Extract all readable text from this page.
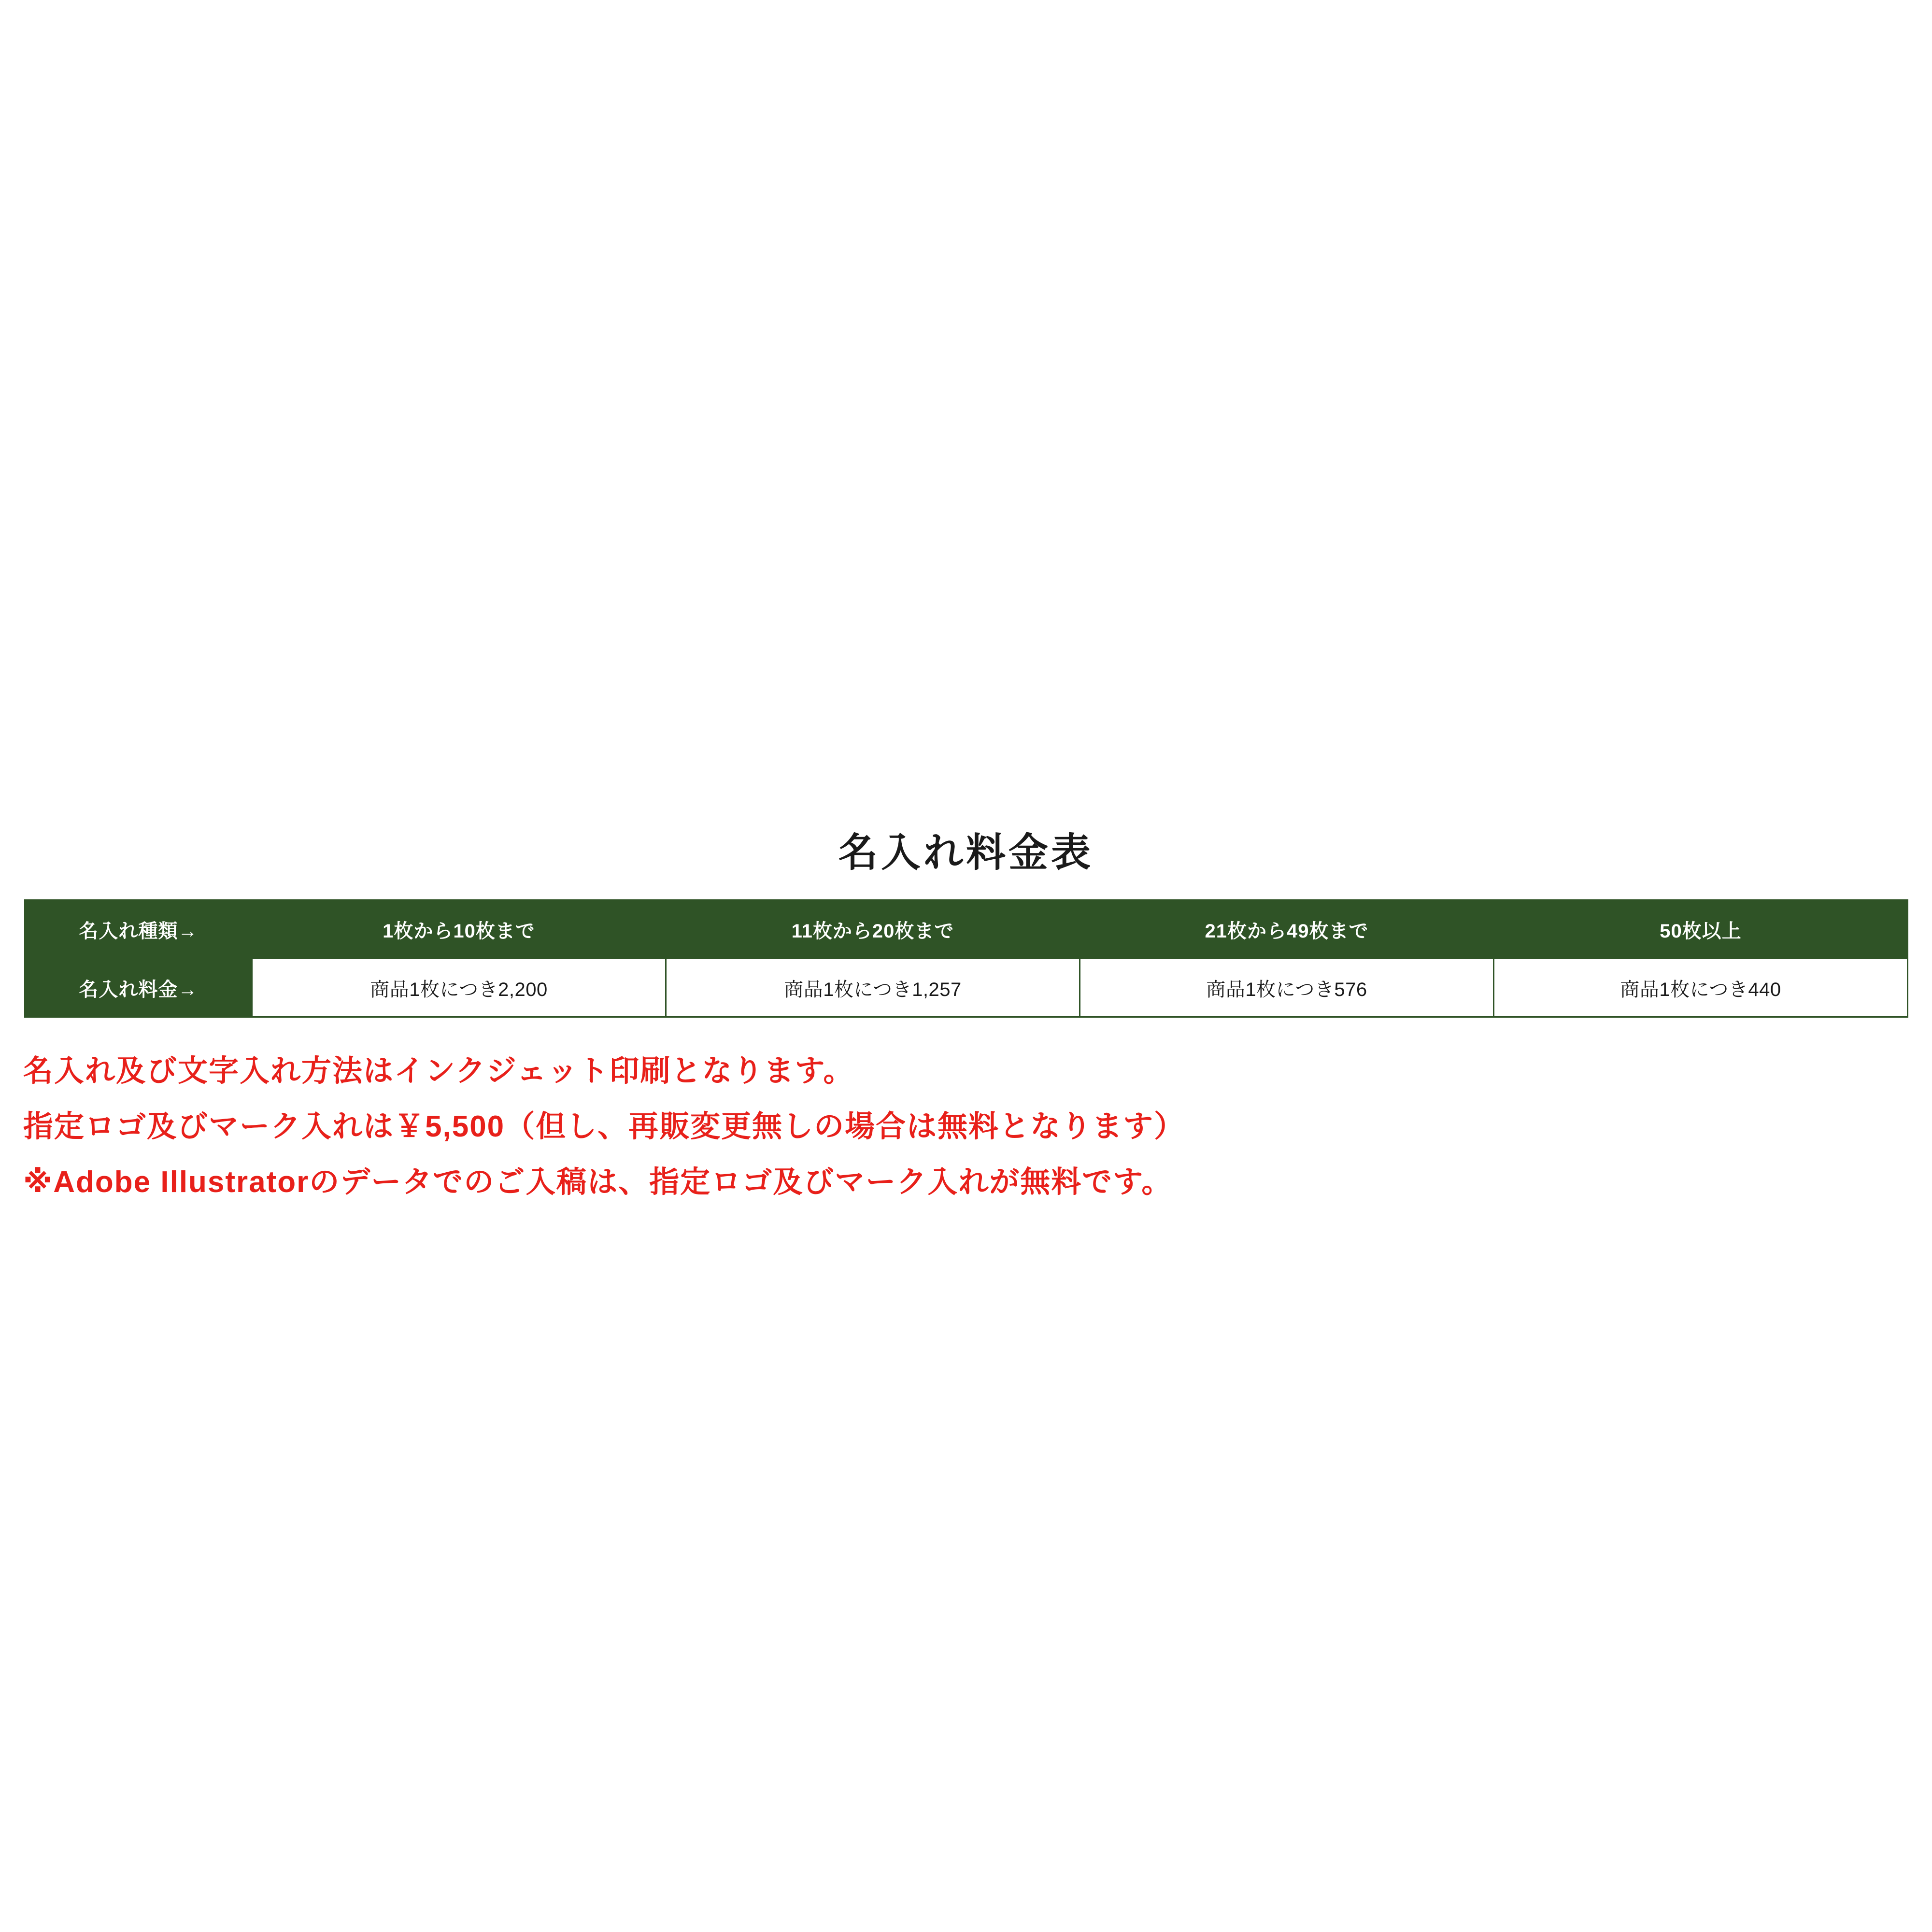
名入れ料金表
名入れ種類→	1枚から10枚まで	11枚から20枚まで	21枚から49枚まで	50枚以上
名入れ料金→	商品1枚につき2,200	商品1枚につき1,257	商品1枚につき576	商品1枚につき440
名入れ及び文字入れ方法はインクジェット印刷となります。
指定ロゴ及びマーク入れは￥5,500（但し、再販変更無しの場合は無料となります）
※Adobe Illustratorのデータでのご入稿は、指定ロゴ及びマーク入れが無料です。
